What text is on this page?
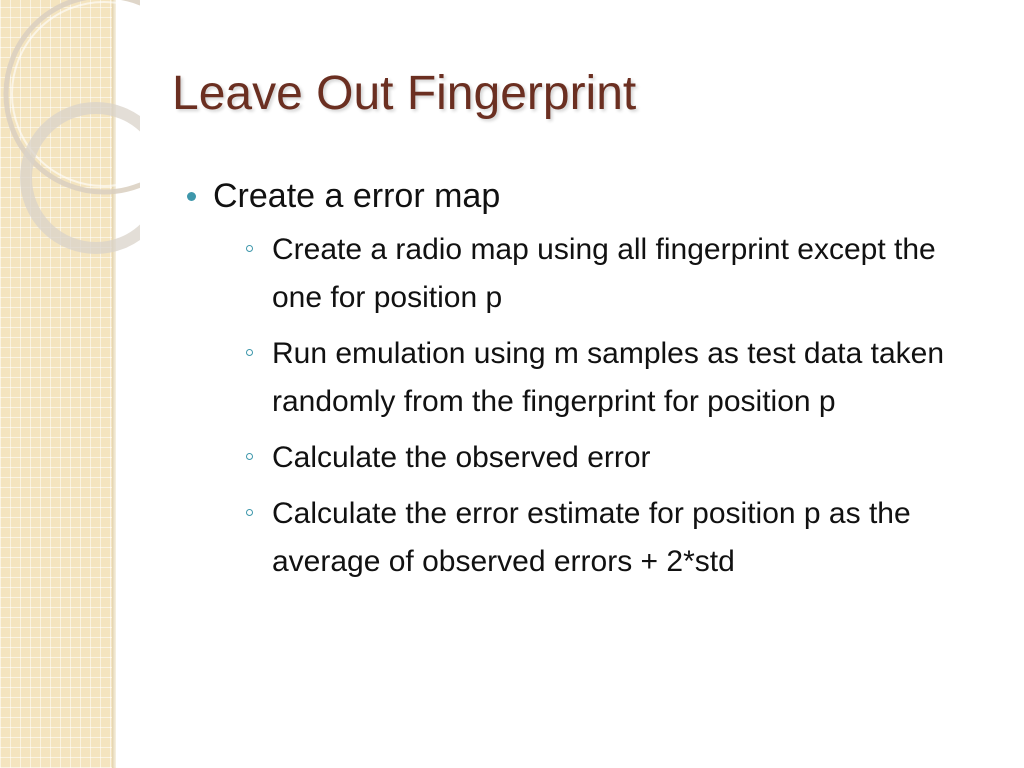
Leave Out Fingerprint
Create a error map
Create a radio map using all fingerprint except the one for position p
Run emulation using m samples as test data taken randomly from the fingerprint for position p
Calculate the observed error
Calculate the error estimate for position p as the average of observed errors + 2*std
